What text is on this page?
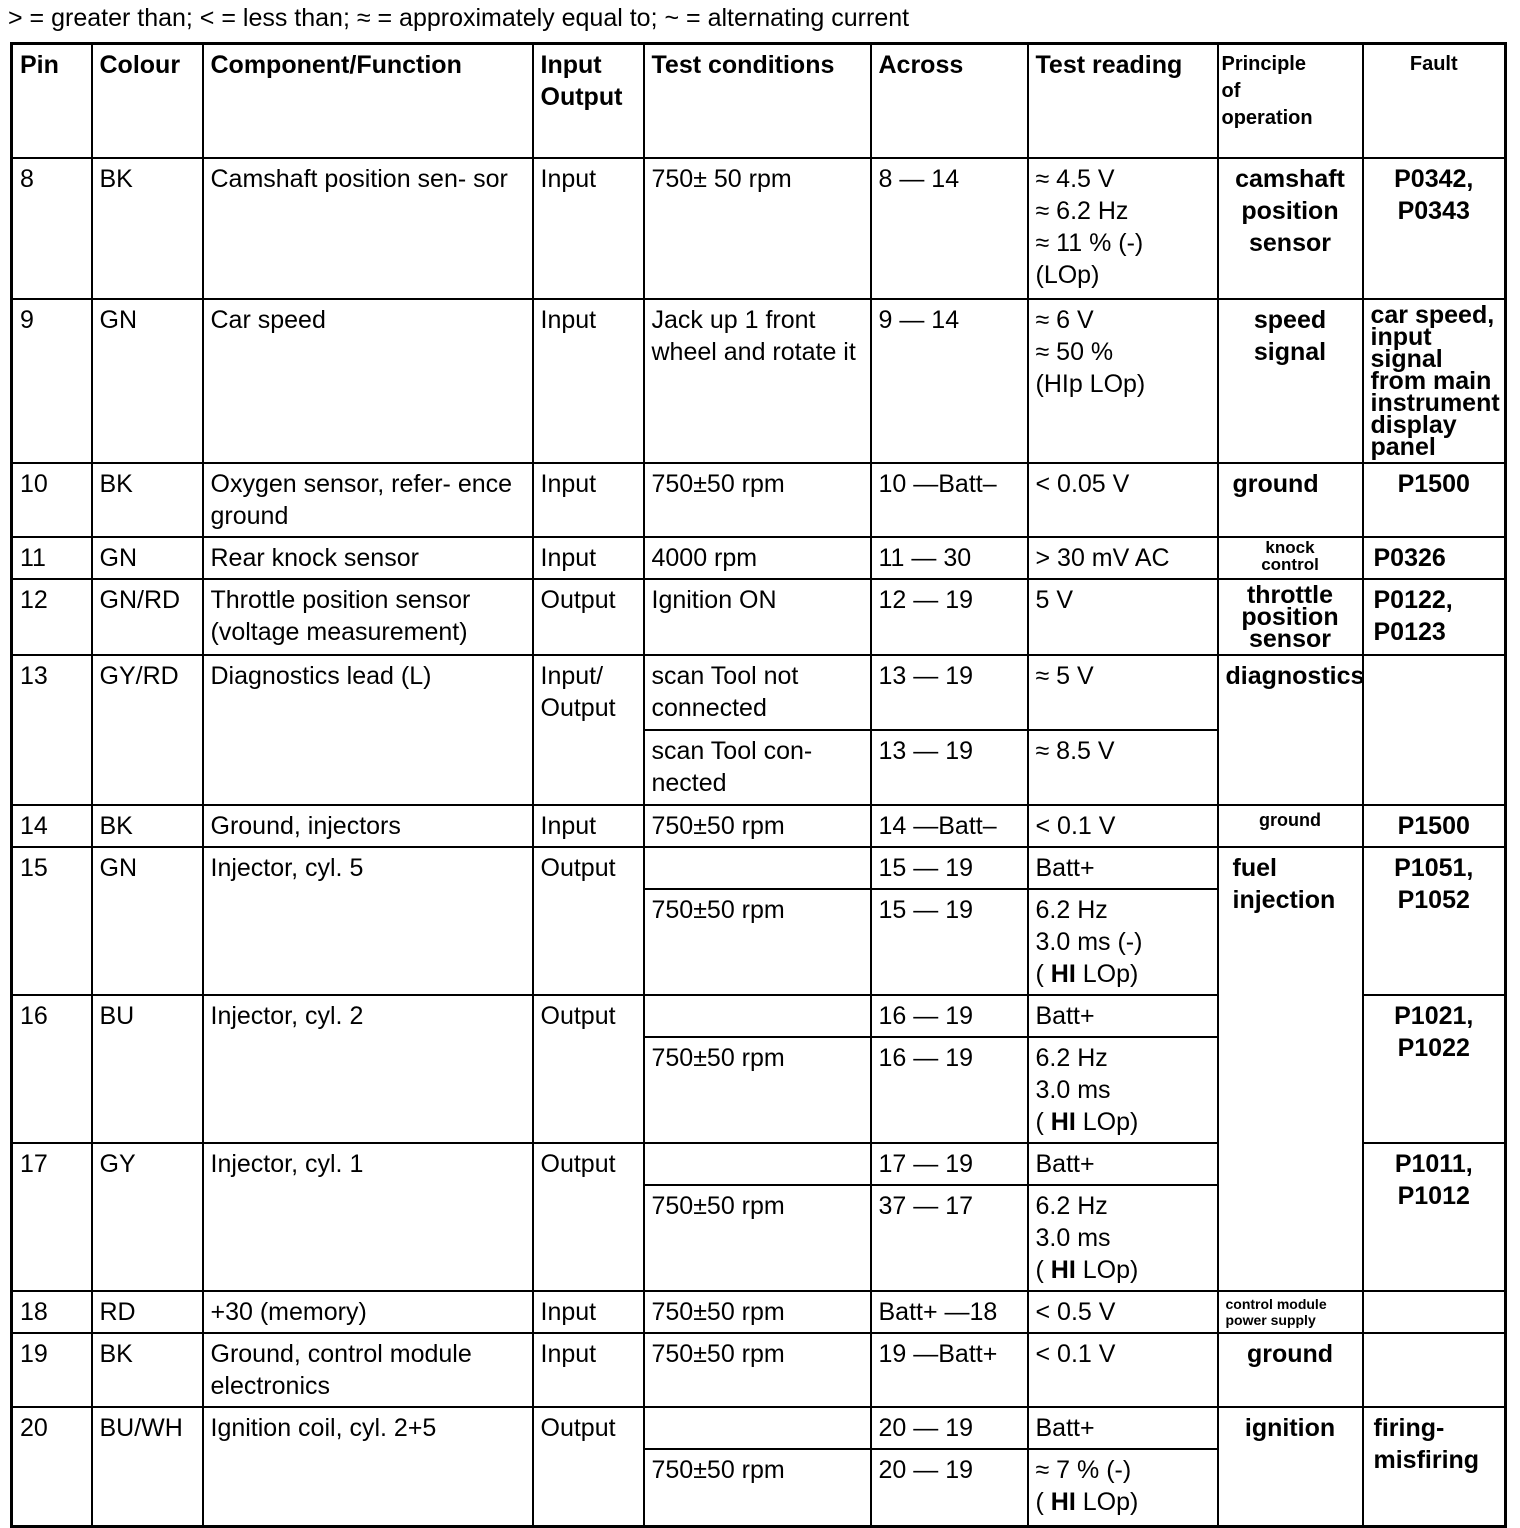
> = greater than; < = less than; ≈ = approximately equal to; ~ = alternating current
Pin	Colour	Component/Function	Input
Output	Test conditions	Across	Test reading	Principle
of
operation	Fault
8	BK	Camshaft position sen- sor	Input	750± 50 rpm	8 — 14	≈ 4.5 V
≈ 6.2 Hz
≈ 11 % (-)
(LOp)	camshaft
position
sensor	P0342,
P0343

9	GN	Car speed	Input	Jack up 1 front wheel and rotate it	9 — 14	≈ 6 V
≈ 50 %
(HIp LOp)	speed
signal	car speed, input
signal from main
instrument display
panel

10	BK	Oxygen sensor, refer- ence ground	Input	750±50 rpm	10 —Batt–	< 0.05 V	ground	P1500
11	GN	Rear knock sensor	Input	4000 rpm	11 — 30	> 30 mV AC	knock
control	P0326
12	GN/RD	Throttle position sensor (voltage measurement)	Output	Ignition ON	12 — 19	5 V	throttle
position
sensor	P0122,
P0123

13	GY/RD	Diagnostics lead (L)	Input/ Output	scan Tool not connected	13 — 19	≈ 5 V	diagnostics	
				scan Tool con- nected	13 — 19	≈ 8.5 V		
14	BK	Ground, injectors	Input	750±50 rpm	14 —Batt–	< 0.1 V	ground	P1500
15	GN	Injector, cyl. 5	Output		15 — 19	Batt+	fuel
injection	P1051,
P1052

				750±50 rpm	15 — 19	6.2 Hz
3.0 ms (-)
( HI LOp)		

16	BU	Injector, cyl. 2	Output		16 — 19	Batt+		P1021,
P1022

				750±50 rpm	16 — 19	6.2 Hz
3.0 ms
( HI LOp)		

17	GY	Injector, cyl. 1	Output		17 — 19	Batt+		P1011,
P1012

				750±50 rpm	37 — 17	6.2 Hz
3.0 ms
( HI LOp)		

18	RD	+30 (memory)	Input	750±50 rpm	Batt+ —18	< 0.5 V	control module
power supply	

19	BK	Ground, control module electronics	Input	750±50 rpm	19 —Batt+	< 0.1 V	ground	
20	BU/WH	Ignition coil, cyl. 2+5	Output		20 — 19	Batt+	ignition	firing-
misfiring

				750±50 rpm	20 — 19	≈ 7 % (-)
( HI LOp)		
